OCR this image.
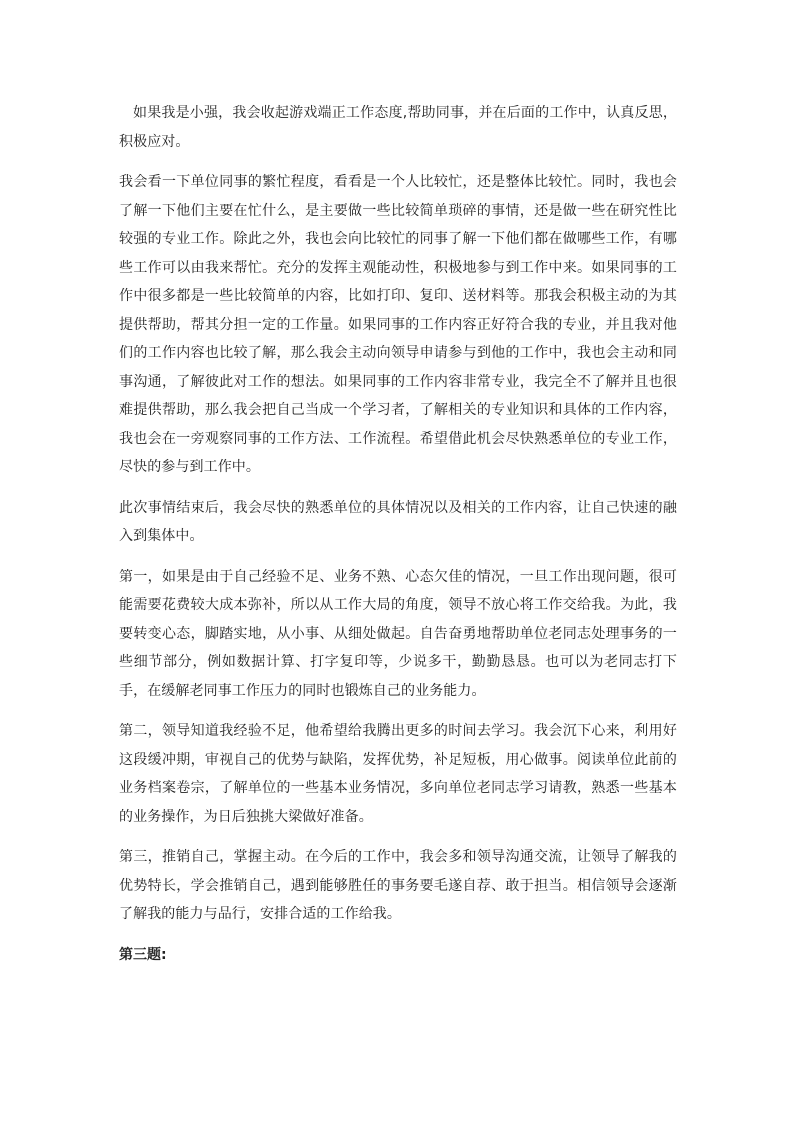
如果我是小强，我会收起游戏端正工作态度,帮助同事，并在后面的工作中，认真反思，积极应对。

我会看一下单位同事的繁忙程度，看看是一个人比较忙，还是整体比较忙。同时，我也会了解一下他们主要在忙什么，是主要做一些比较简单琐碎的事情，还是做一些在研究性比较强的专业工作。除此之外，我也会向比较忙的同事了解一下他们都在做哪些工作，有哪些工作可以由我来帮忙。充分的发挥主观能动性，积极地参与到工作中来。如果同事的工作中很多都是一些比较简单的内容，比如打印、复印、送材料等。那我会积极主动的为其提供帮助，帮其分担一定的工作量。如果同事的工作内容正好符合我的专业，并且我对他们的工作内容也比较了解，那么我会主动向领导申请参与到他的工作中，我也会主动和同事沟通，了解彼此对工作的想法。如果同事的工作内容非常专业，我完全不了解并且也很难提供帮助，那么我会把自己当成一个学习者，了解相关的专业知识和具体的工作内容，我也会在一旁观察同事的工作方法、工作流程。希望借此机会尽快熟悉单位的专业工作，尽快的参与到工作中。

此次事情结束后，我会尽快的熟悉单位的具体情况以及相关的工作内容，让自己快速的融入到集体中。

第一，如果是由于自己经验不足、业务不熟、心态欠佳的情况，一旦工作出现问题，很可能需要花费较大成本弥补，所以从工作大局的角度，领导不放心将工作交给我。为此，我要转变心态，脚踏实地，从小事、从细处做起。自告奋勇地帮助单位老同志处理事务的一些细节部分，例如数据计算、打字复印等，少说多干，勤勤恳恳。也可以为老同志打下手，在缓解老同事工作压力的同时也锻炼自己的业务能力。

第二，领导知道我经验不足，他希望给我腾出更多的时间去学习。我会沉下心来，利用好这段缓冲期，审视自己的优势与缺陷，发挥优势，补足短板，用心做事。阅读单位此前的业务档案卷宗，了解单位的一些基本业务情况，多向单位老同志学习请教，熟悉一些基本的业务操作，为日后独挑大梁做好准备。

第三，推销自己，掌握主动。在今后的工作中，我会多和领导沟通交流，让领导了解我的优势特长，学会推销自己，遇到能够胜任的事务要毛遂自荐、敢于担当。相信领导会逐渐了解我的能力与品行，安排合适的工作给我。

第三题:
